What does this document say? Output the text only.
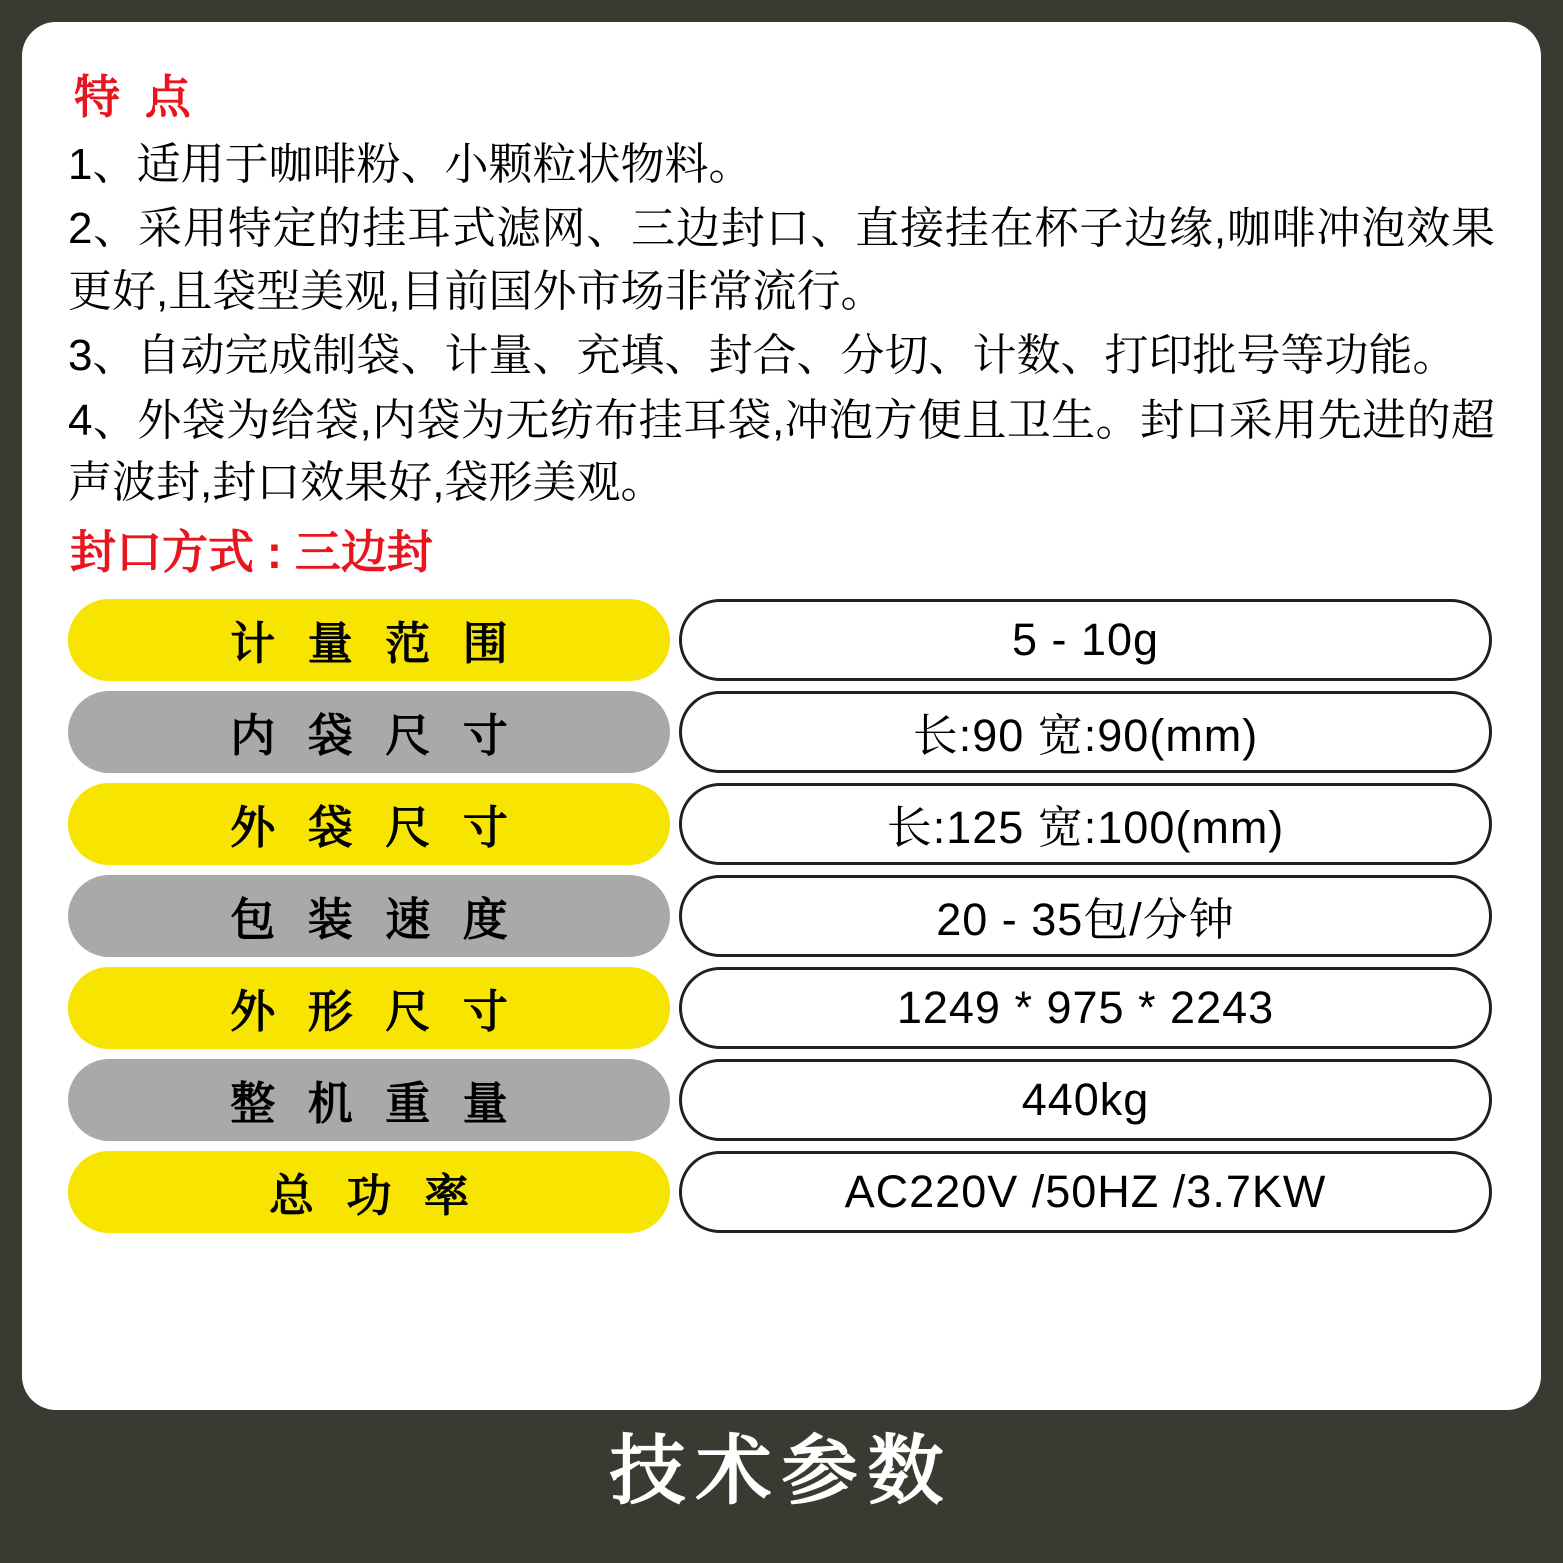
特 点
1、适用于咖啡粉、小颗粒状物料。
2、采用特定的挂耳式滤网、三边封口、直接挂在杯子边缘,咖啡冲泡效果更好,且袋型美观,目前国外市场非常流行。
3、自动完成制袋、计量、充填、封合、分切、计数、打印批号等功能。
4、外袋为给袋,内袋为无纺布挂耳袋,冲泡方便且卫生。封口采用先进的超声波封,封口效果好,袋形美观。
封口方式 : 三边封
计 量 范 围	5 - 10g
内 袋 尺 寸	长:90 宽:90(mm)
外 袋 尺 寸	长:125 宽:100(mm)
包 装 速 度	20 - 35包/分钟
外 形 尺 寸	1249 * 975 * 2243
整 机 重 量	440kg
总 功 率	AC220V /50HZ /3.7KW
技术参数
